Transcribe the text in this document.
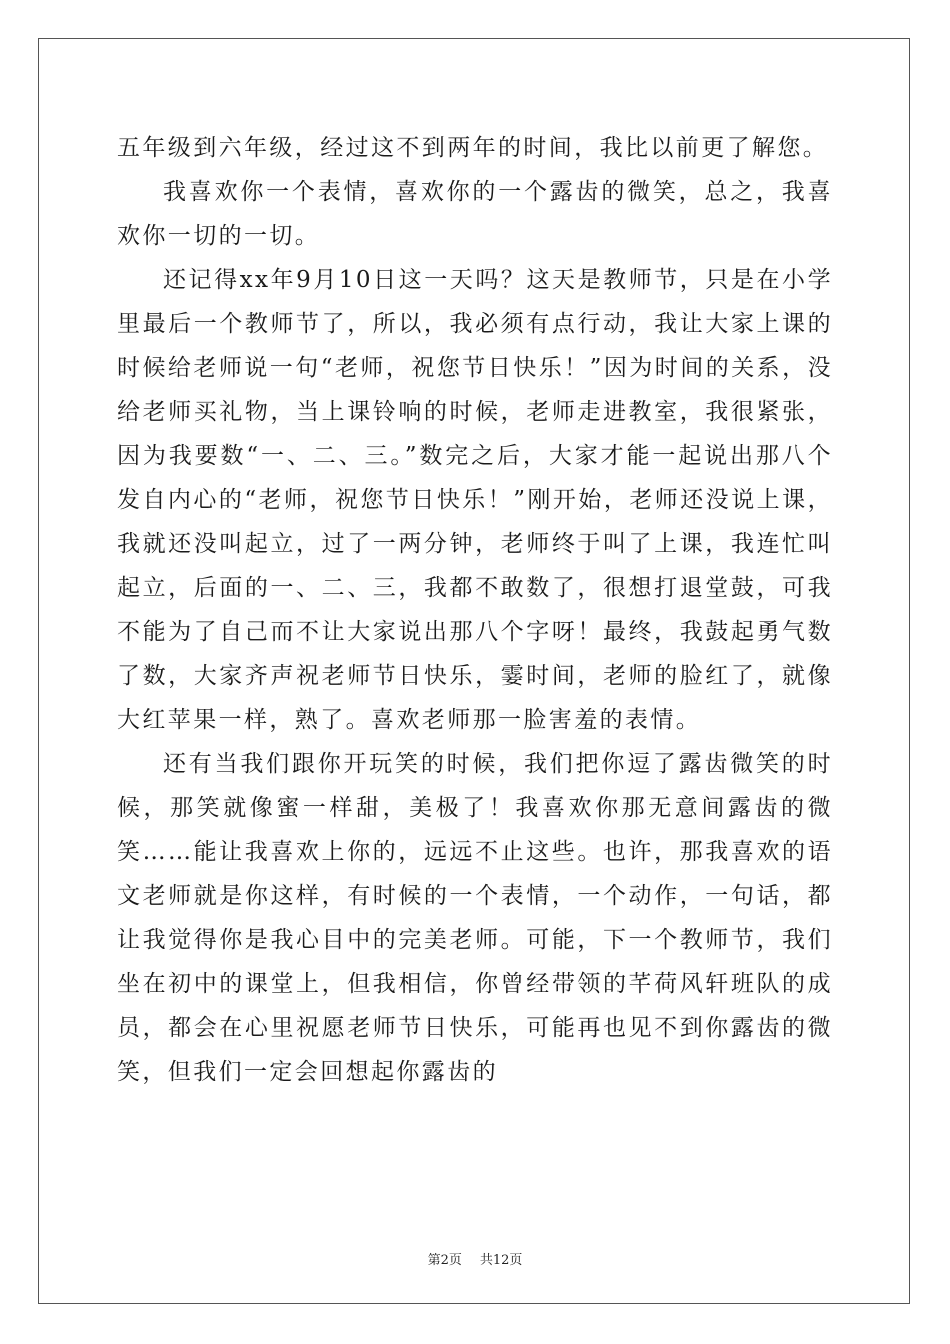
五年级到六年级，经过这不到两年的时间，我比以前更了解您。

我喜欢你一个表情，喜欢你的一个露齿的微笑，总之，我喜欢你一切的一切。

还记得xx年9月10日这一天吗？这天是教师节，只是在小学里最后一个教师节了，所以，我必须有点行动，我让大家上课的时候给老师说一句“老师，祝您节日快乐！”因为时间的关系，没给老师买礼物，当上课铃响的时候，老师走进教室，我很紧张，因为我要数“一、二、三。”数完之后，大家才能一起说出那八个发自内心的“老师，祝您节日快乐！”刚开始，老师还没说上课，我就还没叫起立，过了一两分钟，老师终于叫了上课，我连忙叫起立，后面的一、二、三，我都不敢数了，很想打退堂鼓，可我不能为了自己而不让大家说出那八个字呀！最终，我鼓起勇气数了数，大家齐声祝老师节日快乐，霎时间，老师的脸红了，就像大红苹果一样，熟了。喜欢老师那一脸害羞的表情。

还有当我们跟你开玩笑的时候，我们把你逗了露齿微笑的时候，那笑就像蜜一样甜，美极了！我喜欢你那无意间露齿的微笑……能让我喜欢上你的，远远不止这些。也许，那我喜欢的语文老师就是你这样，有时候的一个表情，一个动作，一句话，都让我觉得你是我心目中的完美老师。可能，下一个教师节，我们坐在初中的课堂上，但我相信，你曾经带领的芊荷风轩班队的成员，都会在心里祝愿老师节日快乐，可能再也见不到你露齿的微笑，但我们一定会回想起你露齿的

第2页 共12页
